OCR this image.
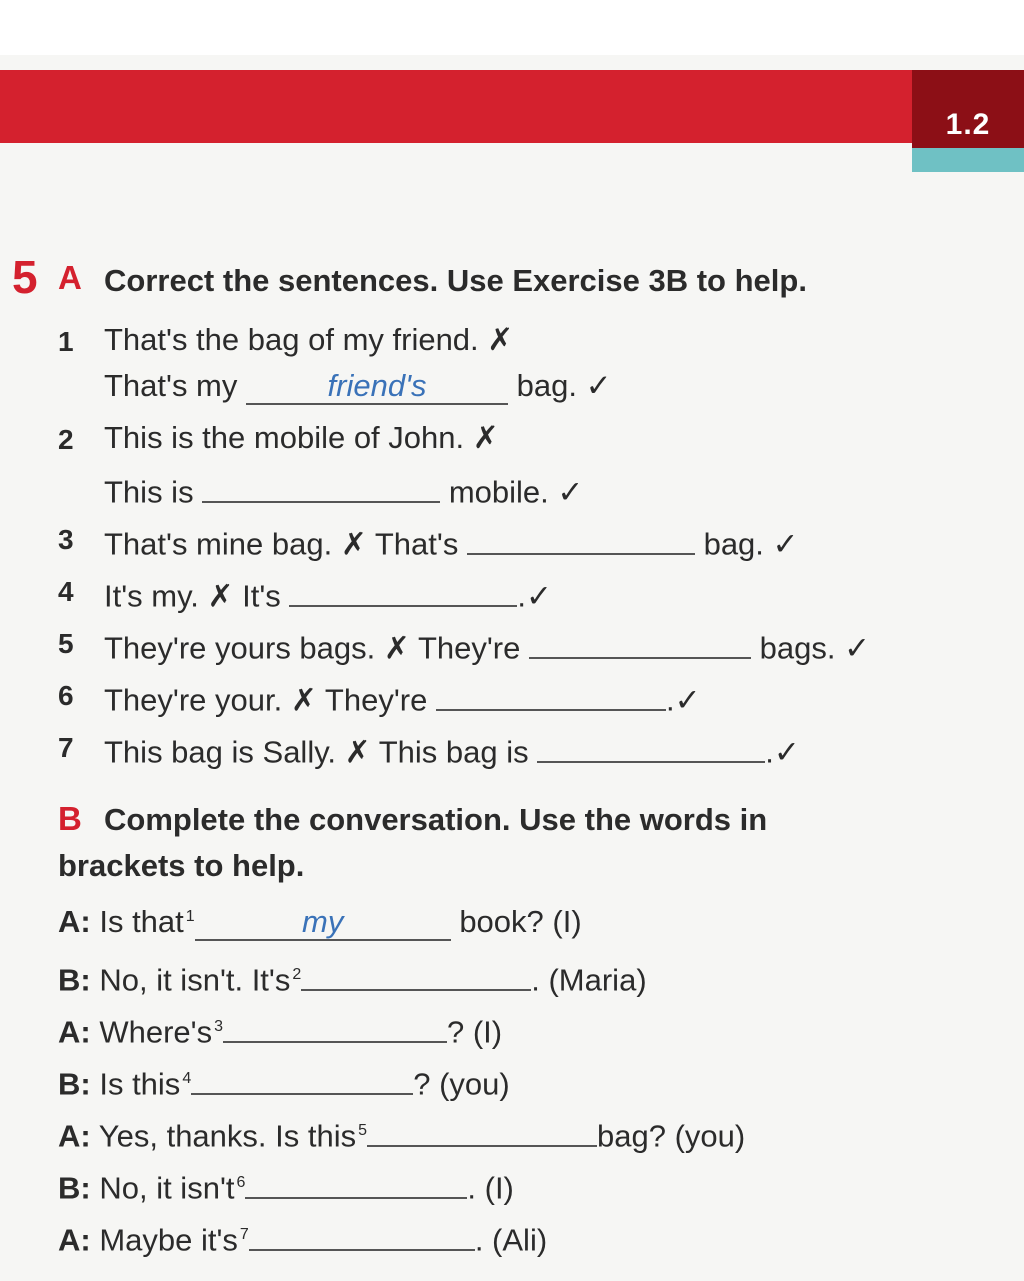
1.2
5 A Correct the sentences. Use Exercise 3B to help.
1 That's the bag of my friend. ✗
That's my	friend's	bag. ✓
2 This is the mobile of John. ✗
This is	mobile. ✓
3 That's mine bag. ✗ That's	bag. ✓
4 It's my. ✗ It's	.✓
5 They're yours bags. ✗ They're	bags. ✓
6 They're your. ✗ They're	.✓
7 This bag is Sally. ✗ This bag is	.✓
B Complete the conversation. Use the words in
brackets to help.
A: Is that $^1$	my	book? (I)
B: No, it isn't. It's $^2$	. (Maria)
A: Where's $^3$	? (I)
B: Is this $^4$	? (you)
A: Yes, thanks. Is this $^5$	bag? (you)
B: No, it isn't $^6$	. (I)
A: Maybe it's $^7$	. (Ali)
